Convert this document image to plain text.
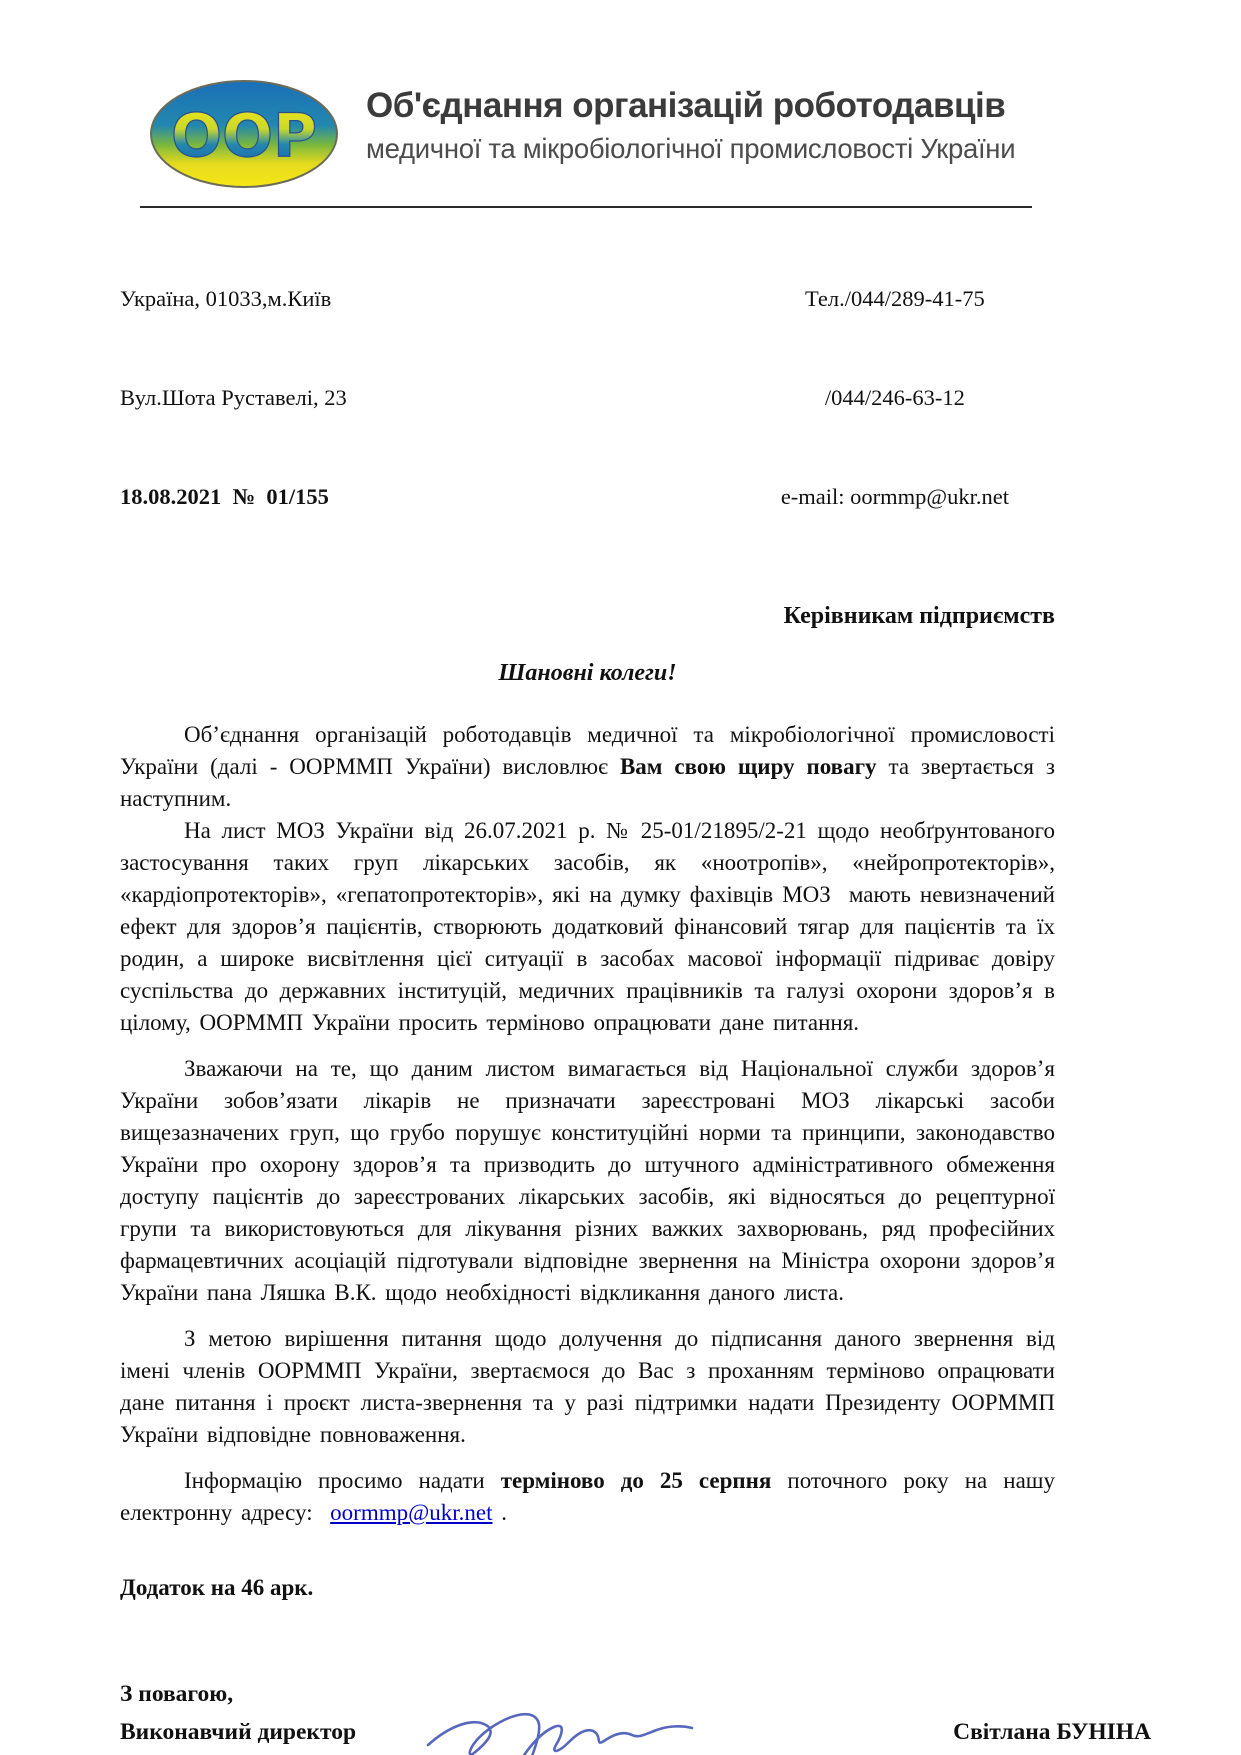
ООР Об'єднання організацій роботодавців
медичної та мікробіологічної промисловості України

Україна, 01033,м.Київ

Вул.Шота Руставелі, 23

18.08.2021  №  01/155

Тел./044/289-41-75

/044/246-63-12

e-mail: oormmp@ukr.net

Керівникам підприємств
Шановні колеги!

Об’єднання організацій роботодавців медичної та мікробіологічної промисловості України (далі - ООРММП України) висловлює Вам свою щиру повагу та звертається з наступним.

На лист МОЗ України від 26.07.2021 р. № 25-01/21895/2-21 щодо необґрунтованого застосування таких груп лікарських засобів, як «ноотропів», «нейропротекторів», «кардіопротекторів», «гепатопротекторів», які на думку фахівців МОЗ  мають невизначений ефект для здоров’я пацієнтів, створюють додатковий фінансовий тягар для пацієнтів та їх родин, а широке висвітлення цієї ситуації в засобах масової інформації підриває довіру суспільства до державних інституцій, медичних працівників та галузі охорони здоров’я в цілому, ООРММП України просить терміново опрацювати дане питання.

Зважаючи на те, що даним листом вимагається від Національної служби здоров’я України зобов’язати лікарів не призначати зареєстровані МОЗ лікарські засоби вищезазначених груп, що грубо порушує конституційні норми та принципи, законодавство України про охорону здоров’я та призводить до штучного адміністративного обмеження доступу пацієнтів до зареєстрованих лікарських засобів, які відносяться до рецептурної групи та використовуються для лікування різних важких захворювань, ряд професійних фармацевтичних асоціацій підготували відповідне звернення на Міністра охорони здоров’я України пана Ляшка В.К. щодо необхідності відкликання даного листа.

З метою вирішення питання щодо долучення до підписання даного звернення від імені членів ООРММП України, звертаємося до Вас з проханням терміново опрацювати дане питання і проєкт листа-звернення та у разі підтримки надати Президенту ООРММП України відповідне повноваження.

Інформацію просимо надати терміново до 25 серпня поточного року на нашу електронну адресу:  oormmp@ukr.net .

Додаток на 46 арк.
З повагою,
Виконавчий директор	Світлана БУНІНА
